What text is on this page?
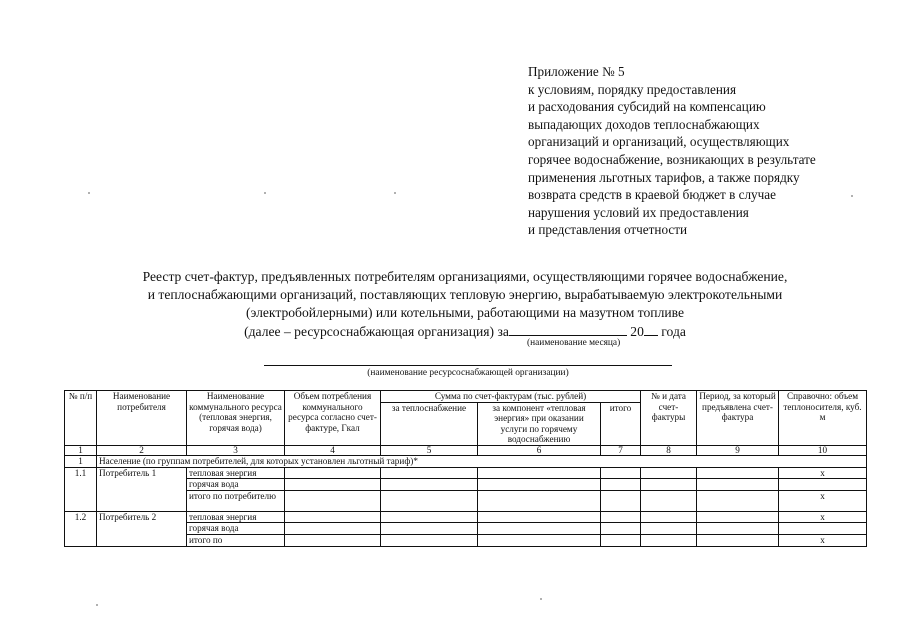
Приложение № 5
к условиям, порядку предоставления
и расходования субсидий на компенсацию
выпадающих доходов теплоснабжающих
организаций и организаций, осуществляющих
горячее водоснабжение, возникающих в результате
применения льготных тарифов, а также порядку
возврата средств в краевой бюджет в случае
нарушения условий их предоставления
и представления отчетности
Реестр счет-фактур, предъявленных потребителям организациями, осуществляющими горячее водоснабжение,
и теплоснабжающими организаций, поставляющих тепловую энергию, вырабатываемую электрокотельными
(электробойлерными) или котельными, работающими на мазутном топливе
(далее – ресурсоснабжающая организация) за	20 года
(наименование месяца)
(наименование ресурсоснабжающей организации)
№ п/п	Наименование потребителя	Наименование коммунального ресурса (тепловая энергия, горячая вода)	Объем потребления коммунального ресурса согласно счет-фактуре, Гкал	Сумма по счет-фактурам (тыс. рублей)			№ и дата счет-фактуры	Период, за который предъявлена счет-фактура	Справочно: объем теплоносителя, куб. м
				за теплоснабжение	за компонент «тепловая энергия» при оказании услуги по горячему водоснабжению	итого			
1	2	3	4	5	6	7	8	9	10
1	Население (по группам потребителей, для которых установлен льготный тариф)*								
1.1	Потребитель 1	тепловая энергия							х
		горячая вода							
		итого по потребителю							х
1.2	Потребитель 2	тепловая энергия							х
		горячая вода							
		итого по							х
